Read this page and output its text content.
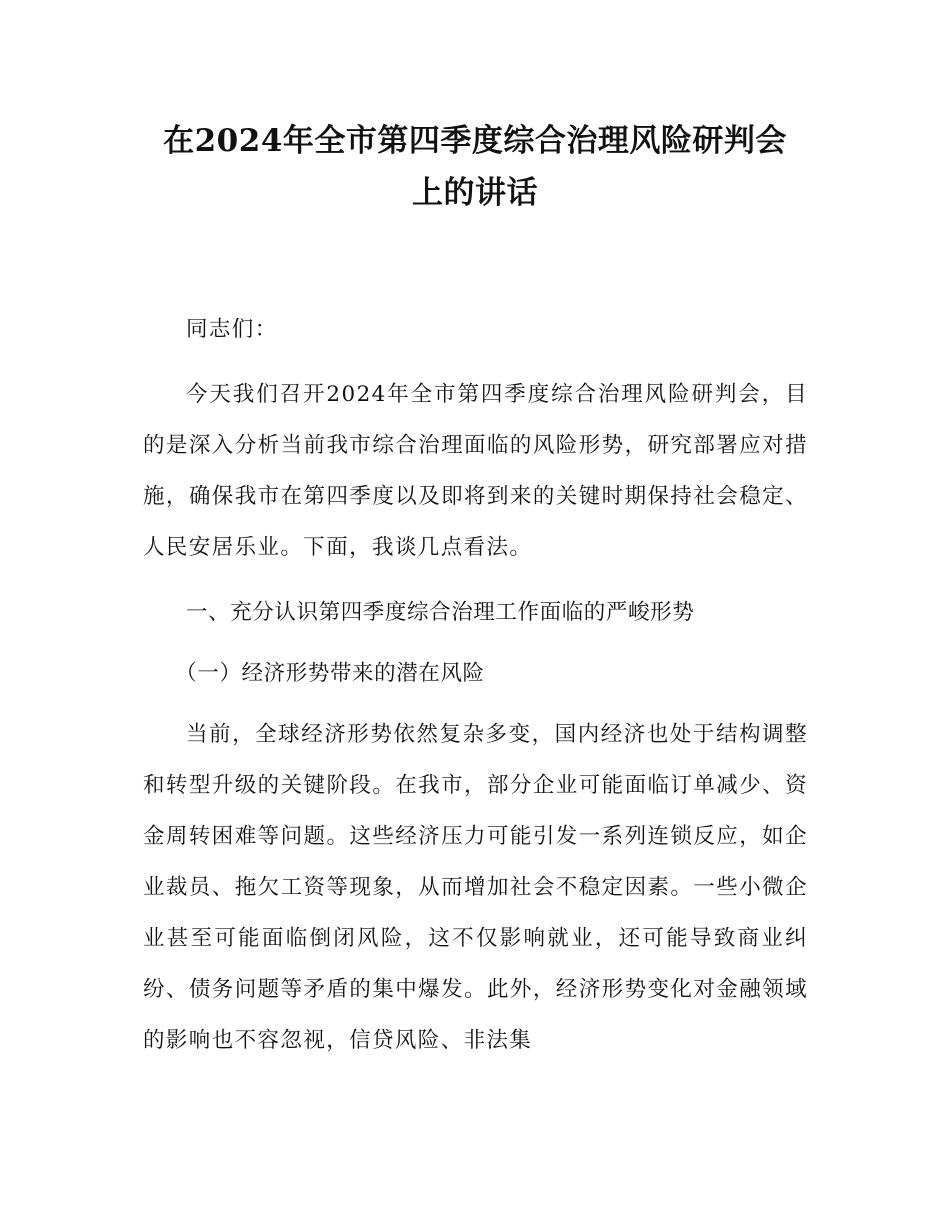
在2024年全市第四季度综合治理风险研判会
上的讲话

同志们：

今天我们召开2024年全市第四季度综合治理风险研判会，目的是深入分析当前我市综合治理面临的风险形势，研究部署应对措施，确保我市在第四季度以及即将到来的关键时期保持社会稳定、人民安居乐业。下面，我谈几点看法。

一、充分认识第四季度综合治理工作面临的严峻形势

（一）经济形势带来的潜在风险

当前，全球经济形势依然复杂多变，国内经济也处于结构调整和转型升级的关键阶段。在我市，部分企业可能面临订单减少、资金周转困难等问题。这些经济压力可能引发一系列连锁反应，如企业裁员、拖欠工资等现象，从而增加社会不稳定因素。一些小微企业甚至可能面临倒闭风险，这不仅影响就业，还可能导致商业纠纷、债务问题等矛盾的集中爆发。此外，经济形势变化对金融领域的影响也不容忽视，信贷风险、非法集
